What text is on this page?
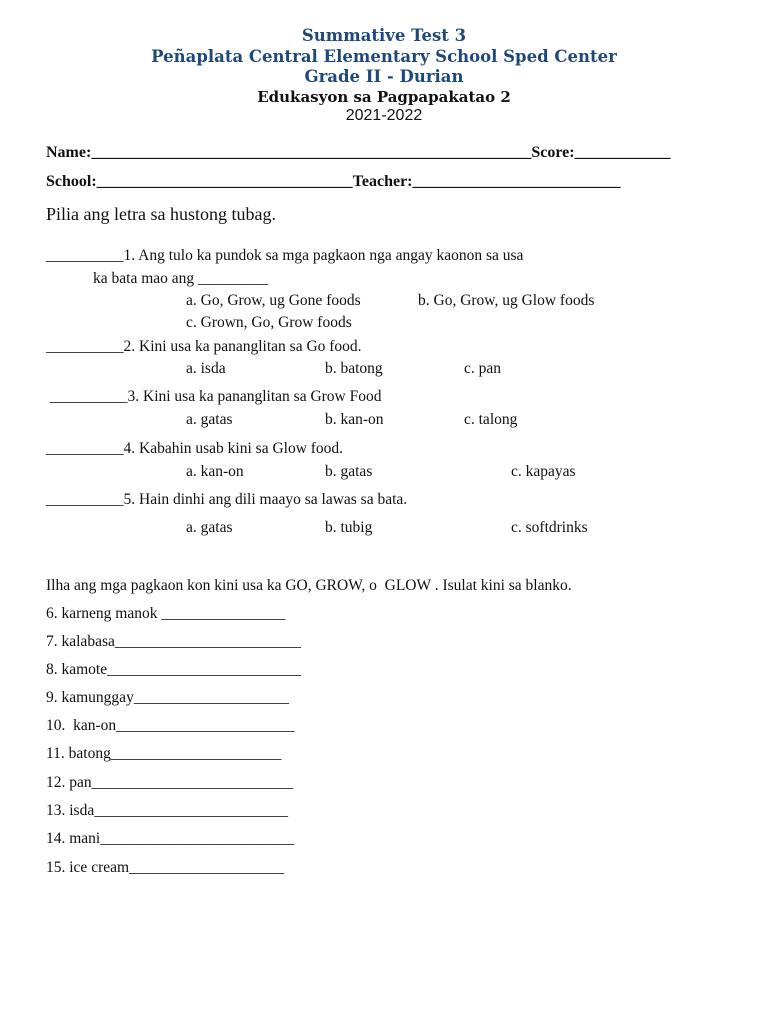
Summative Test 3
Peñaplata Central Elementary School Sped Center
Grade II - Durian
Edukasyon sa Pagpapakatao 2
2021-2022
Name:_______________________________________________________Score:____________
School:________________________________Teacher:__________________________
Pilia ang letra sa hustong tubag.
__________1. Ang tulo ka pundok sa mga pagkaon nga angay kaonon sa usa
ka bata mao ang _________
a. Go, Grow, ug Gone foods	b. Go, Grow, ug Glow foods
c. Grown, Go, Grow foods
__________2. Kini usa ka pananglitan sa Go food.
a. isda	b. batong	c. pan
__________3. Kini usa ka pananglitan sa Grow Food
a. gatas	b. kan-on	c. talong
__________4. Kabahin usab kini sa Glow food.
a. kan-on	b. gatas	c. kapayas
__________5. Hain dinhi ang dili maayo sa lawas sa bata.
a. gatas	b. tubig	c. softdrinks
Ilha ang mga pagkaon kon kini usa ka GO, GROW, o  GLOW . Isulat kini sa blanko.
6. karneng manok ________________
7. kalabasa________________________
8. kamote_________________________
9. kamunggay____________________
10.  kan-on_______________________
11. batong______________________
12. pan__________________________
13. isda_________________________
14. mani_________________________
15. ice cream____________________
